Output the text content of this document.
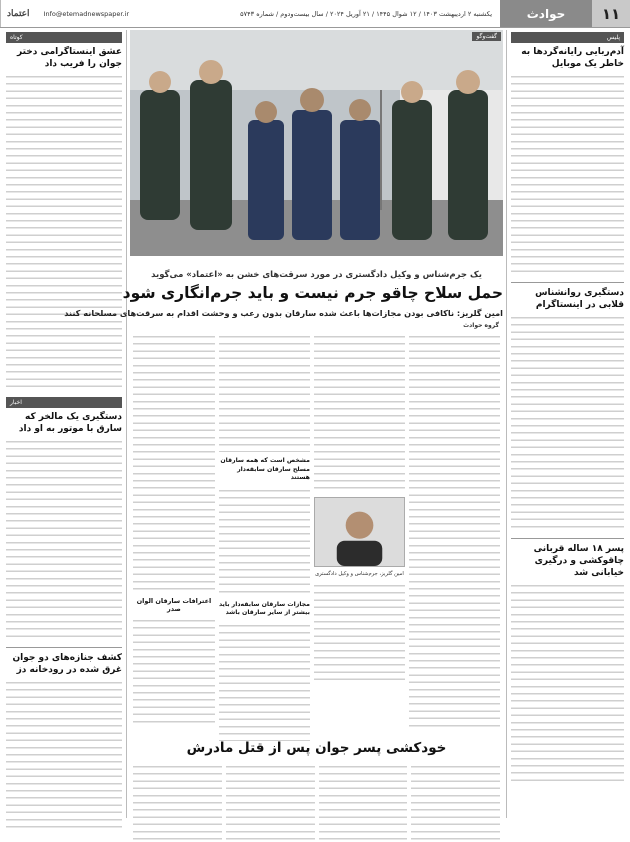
۱۱
حوادث
Info@etemadnewspaper.ir	یکشنبه ۲ اردیبهشت ۱۴۰۳ / ۱۲ شوال ۱۴۴۵ / ۲۱ آوریل ۲۰۲۴ / سال بیست‌ودوم / شماره ۵۷۴۳
اعتماد
پلیس
آدم‌ربایی رایانه‌گردها به خاطر یک موبایل
دستگیری روانشناس قلابی در اینستاگرام
پسر ۱۸ ساله قربانی چاقوکشی و درگیری خیابانی شد
کوتاه
عشق اینستاگرامی دختر جوان را فریب داد
اخبار
دستگیری یک مالخر که سارق با موتور به او داد
کشف جنازه‌های دو جوان غرق شده در رودخانه دز
گفت‌وگو
یک جرم‌شناس و وکیل دادگستری در مورد سرقت‌های خشن به «اعتماد» می‌گوید
حمل سلاح چاقو جرم نیست و باید جرم‌انگاری شود
امین گلریز: ناکافی بودن مجازات‌ها باعث شده سارقان بدون رعب و وحشت اقدام به سرقت‌های مسلحانه کنند
گروه حوادث
امین گلریز، جرم‌شناس و وکیل دادگستری
مشخص است که همه سارقان مسلح سارقان سابقه‌دار هستند
مجازات سارقان سابقه‌دار باید بیشتر از سایر سارقان باشد
اعترافات سارقان الوان صدر
خودکشی پسر جوان پس از قتل مادرش
